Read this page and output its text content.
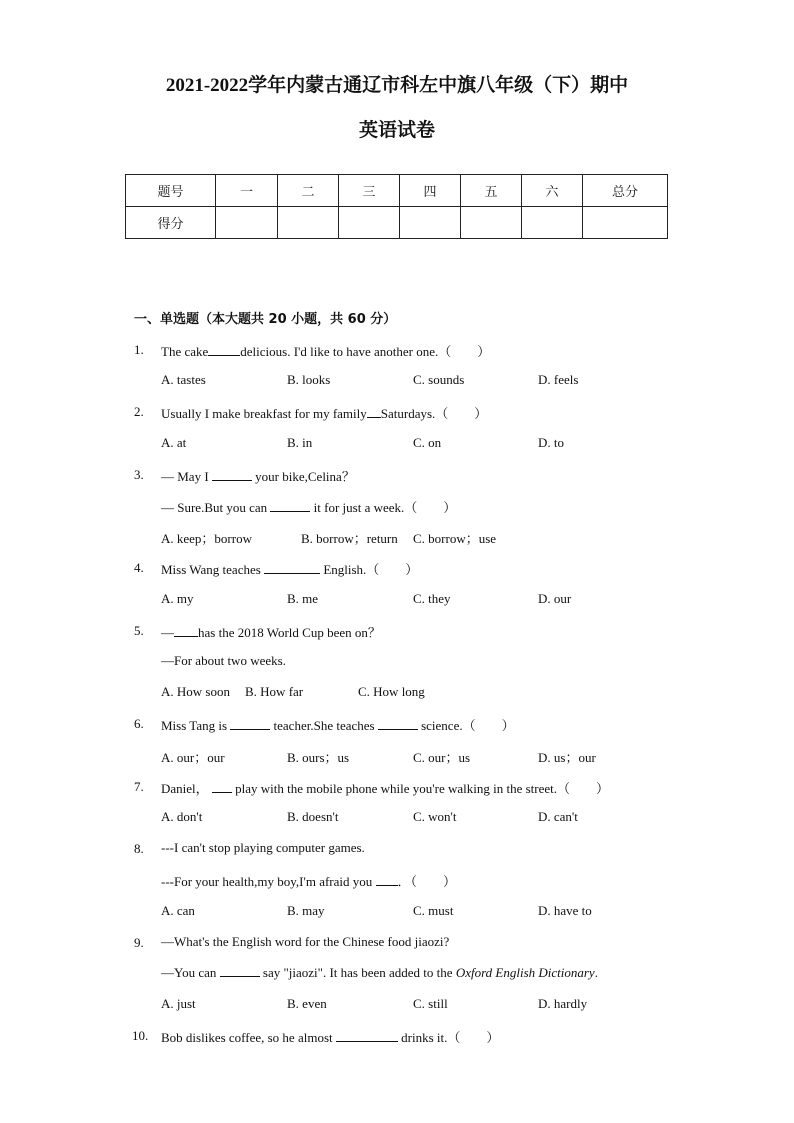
2021-2022学年内蒙古通辽市科左中旗八年级（下）期中
英语试卷
题号	一	二	三	四	五	六	总分
得分							
一、单选题（本大题共 20 小题，共 60 分）
1. The cake delicious. I'd like to have another one.（　　）
A. tastes	B. looks	C. sounds	D. feels
2. Usually I make breakfast for my family Saturdays.（　　）
A. at	B. in	C. on	D. to
3. — May I	your bike,Celina？
— Sure.But you can	it for just a week.（　　）
A. keep；borrow	B. borrow；return C. borrow；use
4. Miss Wang teaches	English.（　　）
A. my	B. me	C. they	D. our
5. — has the 2018 World Cup been on？
—For about two weeks.
A. How soon B. How far	C. How long
6. Miss Tang is	teacher.She teaches	science.（　　）
A. our；our	B. ours；us	C. our；us	D. us；our
7. Daniel，  play with the mobile phone while you're walking in the street.（　　）
A. don't	B. doesn't	C. won't	D. can't
8. ---I can't stop playing computer games.
---For your health,my boy,I'm afraid you ．（　　）
A. can	B. may	C. must	D. have to
9. —What's the English word for the Chinese food jiaozi?
—You can	say "jiaozi". It has been added to the Oxford English Dictionary.
A. just	B. even	C. still	D. hardly
10. Bob dislikes coffee, so he almost	drinks it.（　　）
